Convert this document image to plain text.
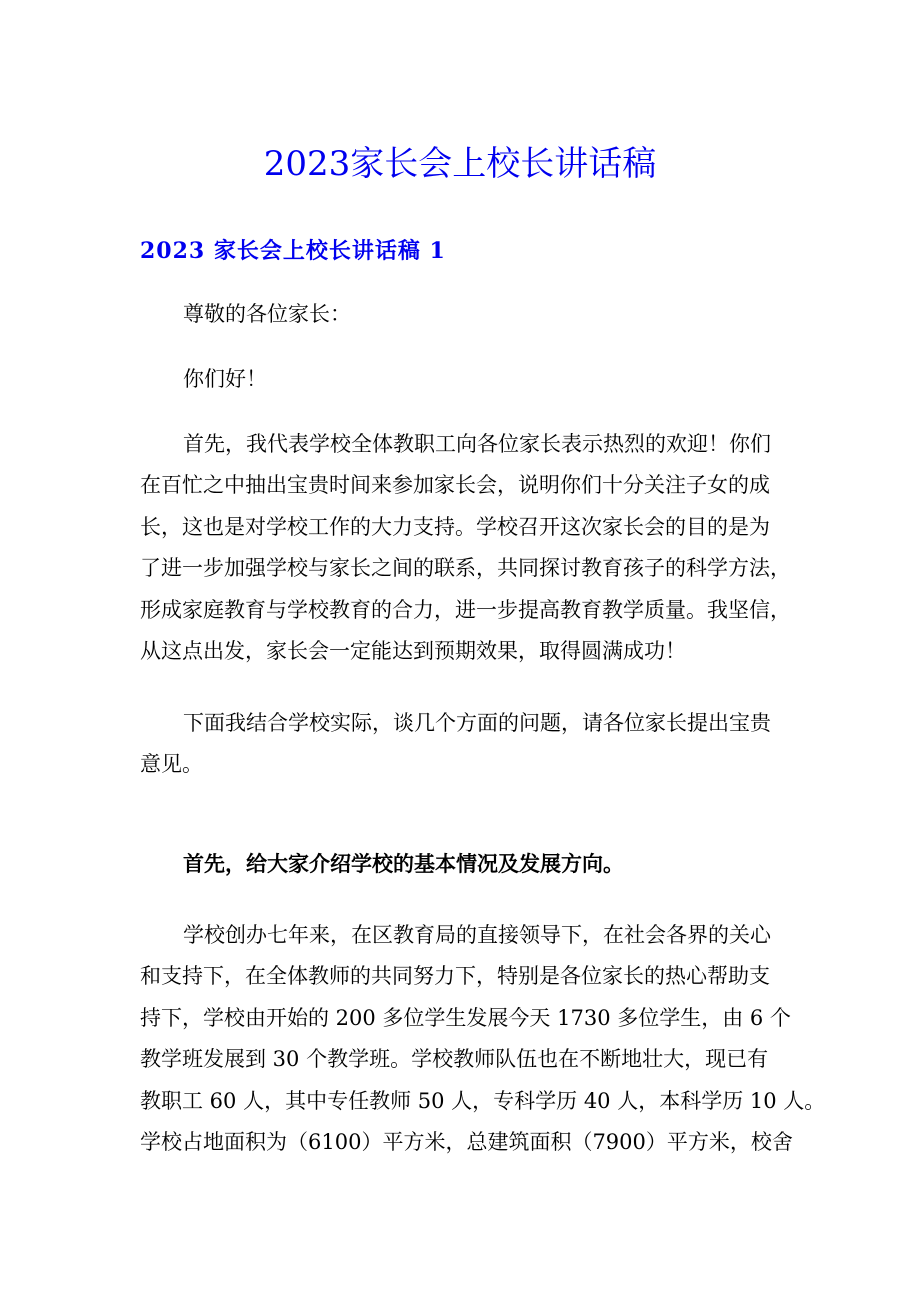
2023家长会上校长讲话稿
2023 家长会上校长讲话稿 1
尊敬的各位家长：
你们好！
首先，我代表学校全体教职工向各位家长表示热烈的欢迎！你们
在百忙之中抽出宝贵时间来参加家长会，说明你们十分关注子女的成
长，这也是对学校工作的大力支持。学校召开这次家长会的目的是为
了进一步加强学校与家长之间的联系，共同探讨教育孩子的科学方法，
形成家庭教育与学校教育的合力，进一步提高教育教学质量。我坚信，
从这点出发，家长会一定能达到预期效果，取得圆满成功！
下面我结合学校实际，谈几个方面的问题，请各位家长提出宝贵
意见。
首先，给大家介绍学校的基本情况及发展方向。
学校创办七年来，在区教育局的直接领导下，在社会各界的关心
和支持下，在全体教师的共同努力下，特别是各位家长的热心帮助支
持下，学校由开始的 200 多位学生发展今天 1730 多位学生，由 6 个
教学班发展到 30 个教学班。学校教师队伍也在不断地壮大，现已有
教职工 60 人，其中专任教师 50 人，专科学历 40 人，本科学历 10 人。
学校占地面积为（6100）平方米，总建筑面积（7900）平方米，校舍
